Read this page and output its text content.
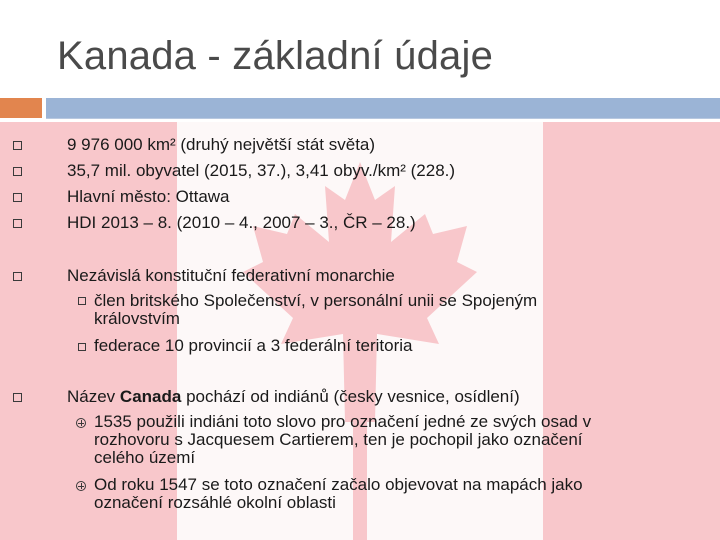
Kanada - základní údaje
9 976 000 km² (druhý největší stát světa)
35,7 mil. obyvatel (2015, 37.), 3,41 obyv./km² (228.)
Hlavní město: Ottawa
HDI 2013 – 8. (2010 – 4., 2007 – 3., ČR – 28.)
Nezávislá konstituční federativní monarchie
člen britského Společenství, v personální unii se Spojeným
královstvím
federace 10 provincií a 3 federální teritoria
Název Canada pochází od indiánů (česky vesnice, osídlení)
1535 použili indiáni toto slovo pro označení jedné ze svých osad v
rozhovoru s Jacquesem Cartierem, ten je pochopil jako označení
celého území
Od roku 1547 se toto označení začalo objevovat na mapách jako
označení rozsáhlé okolní oblasti
